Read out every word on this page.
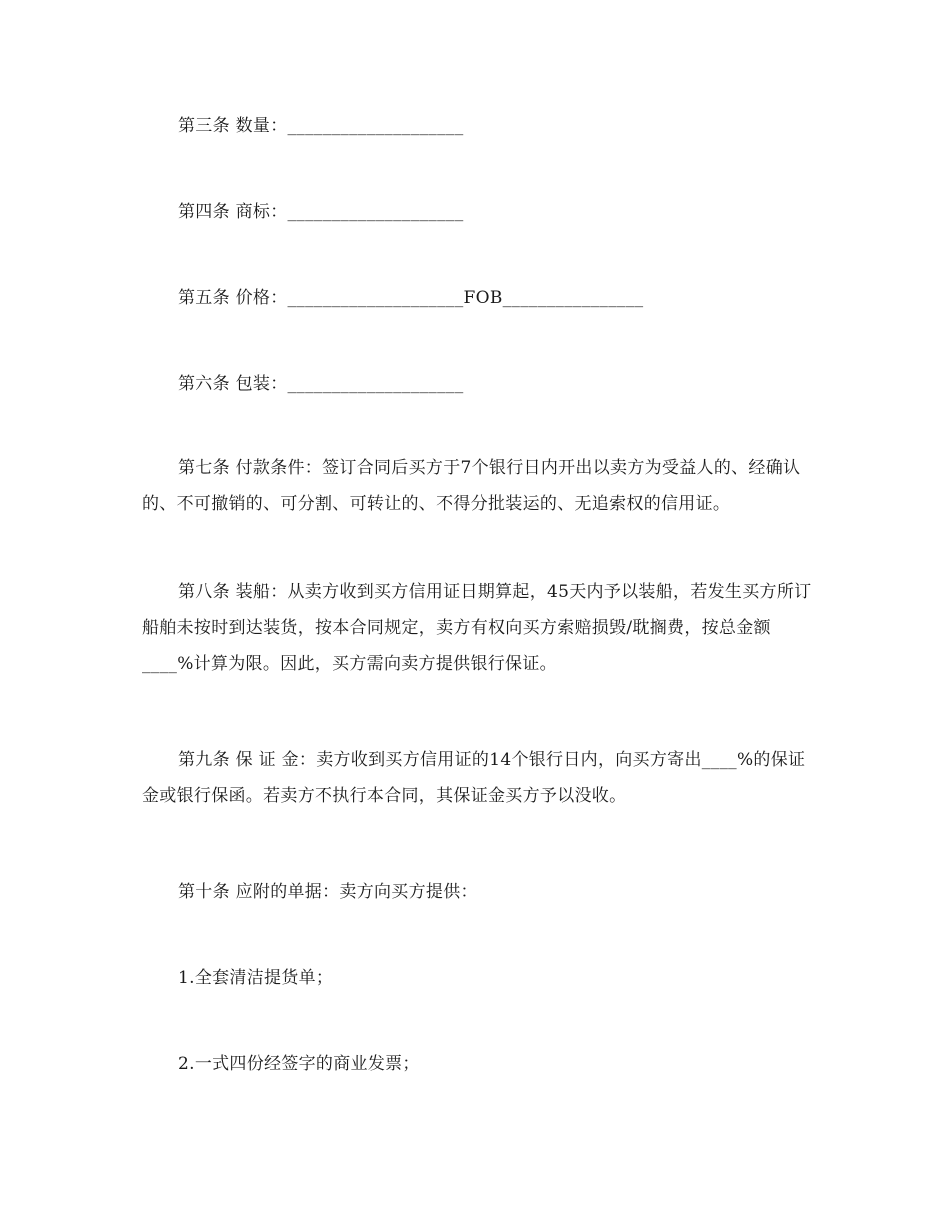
第三条 数量：____________________

第四条 商标：____________________

第五条 价格：____________________FOB________________

第六条 包装：____________________

第七条 付款条件：签订合同后买方于7个银行日内开出以卖方为受益人的、经确认的、不可撤销的、可分割、可转让的、不得分批装运的、无追索权的信用证。

第八条 装船：从卖方收到买方信用证日期算起，45天内予以装船，若发生买方所订船舶未按时到达装货，按本合同规定，卖方有权向买方索赔损毁/耽搁费，按总金额____%计算为限。因此，买方需向卖方提供银行保证。

第九条 保 证 金：卖方收到买方信用证的14个银行日内，向买方寄出____%的保证金或银行保函。若卖方不执行本合同，其保证金买方予以没收。

第十条 应附的单据：卖方向买方提供：

1.全套清洁提货单；

2.一式四份经签字的商业发票；
